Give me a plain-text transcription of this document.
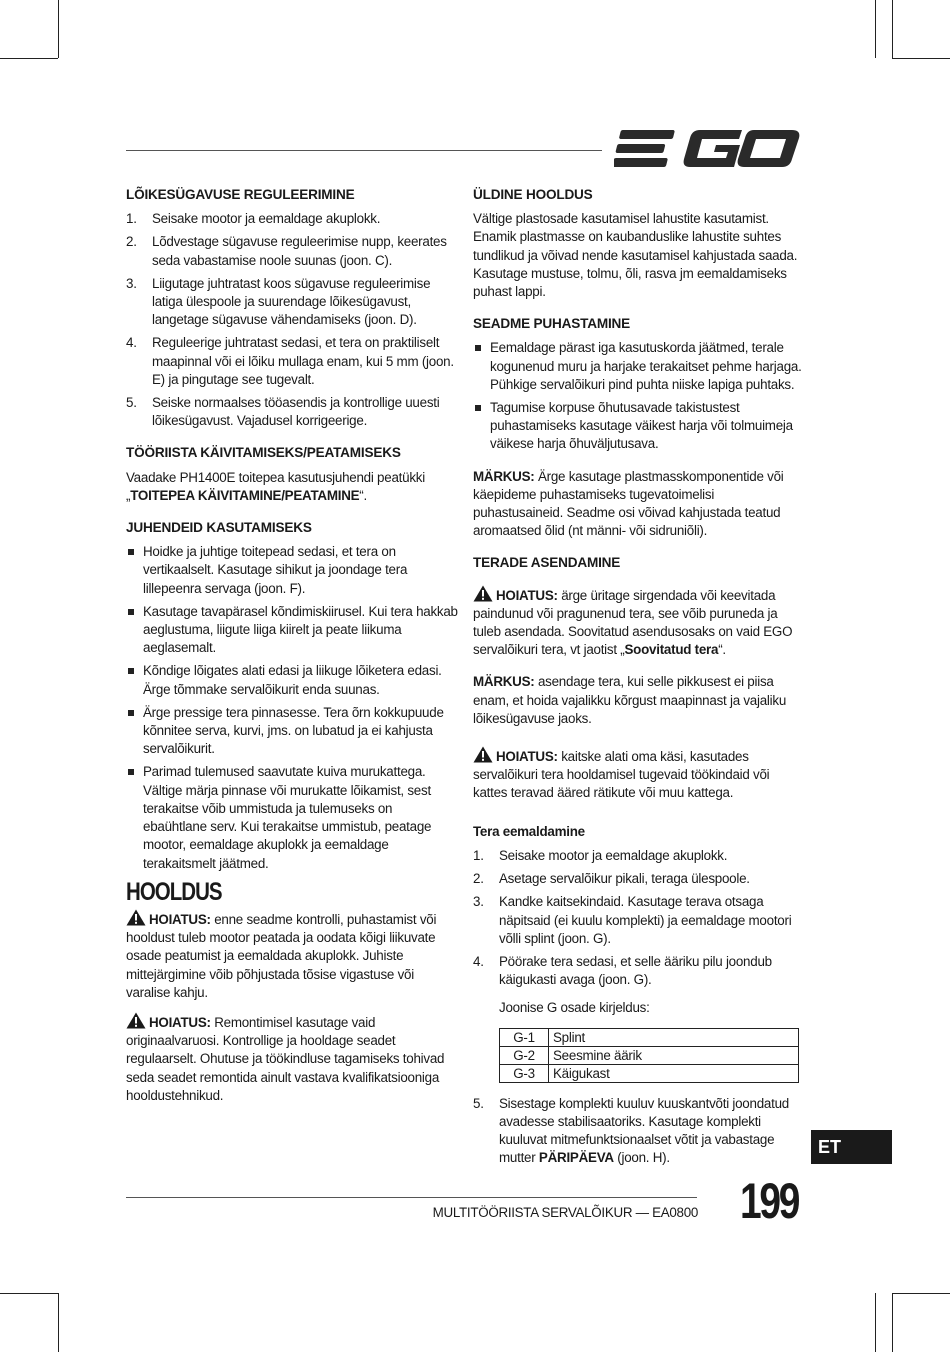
LÕIKESÜGAVUSE REGULEERIMINE
1. Seisake mootor ja eemaldage akuplokk.
2. Lõdvestage sügavuse reguleerimise nupp, keerates seda vabastamise noole suunas (joon. C).
3. Liigutage juhtratast koos sügavuse reguleerimise latiga ülespoole ja suurendage lõikesügavust, langetage sügavuse vähendamiseks (joon. D).
4. Reguleerige juhtratast sedasi, et tera on praktiliselt maapinnal või ei lõiku mullaga enam, kui 5 mm (joon. E) ja pingutage see tugevalt.
5. Seiske normaalses tööasendis ja kontrollige uuesti lõikesügavust. Vajadusel korrigeerige.
TÖÖRIISTA KÄIVITAMISEKS/PEATAMISEKS

Vaadake PH1400E toitepea kasutusjuhendi peatükki „TOITEPEA KÄIVITAMINE/PEATAMINE“.

JUHENDEID KASUTAMISEKS
Hoidke ja juhtige toitepead sedasi, et tera on vertikaalselt. Kasutage sihikut ja joondage tera lillepeenra servaga (joon. F).
Kasutage tavapärasel kõndimiskiirusel. Kui tera hakkab aeglustuma, liigute liiga kiirelt ja peate liikuma aeglasemalt.
Kõndige lõigates alati edasi ja liikuge lõiketera edasi. Ärge tõmmake servalõikurit enda suunas.
Ärge pressige tera pinnasesse. Tera õrn kokkupuude kõnnitee serva, kurvi, jms. on lubatud ja ei kahjusta servalõikurit.
Parimad tulemused saavutate kuiva murukattega. Vältige märja pinnase või murukatte lõikamist, sest terakaitse võib ummistuda ja tulemuseks on ebaühtlane serv. Kui terakaitse ummistub, peatage mootor, eemaldage akuplokk ja eemaldage terakaitsmelt jäätmed.
HOOLDUS

HOIATUS: enne seadme kontrolli, puhastamist või hooldust tuleb mootor peatada ja oodata kõigi liikuvate osade peatumist ja eemaldada akuplokk. Juhiste mittejärgimine võib põhjustada tõsise vigastuse või varalise kahju.

HOIATUS: Remontimisel kasutage vaid originaalvaruosi. Kontrollige ja hooldage seadet regulaarselt. Ohutuse ja töökindluse tagamiseks tohivad seda seadet remontida ainult vastava kvalifikatsiooniga hooldustehnikud.

ÜLDINE HOOLDUS

Vältige plastosade kasutamisel lahustite kasutamist. Enamik plastmasse on kaubanduslike lahustite suhtes tundlikud ja võivad nende kasutamisel kahjustada saada. Kasutage mustuse, tolmu, õli, rasva jm eemaldamiseks puhast lappi.

SEADME PUHASTAMINE
Eemaldage pärast iga kasutuskorda jäätmed, terale kogunenud muru ja harjake terakaitset pehme harjaga. Pühkige servalõikuri pind puhta niiske lapiga puhtaks.
Tagumise korpuse õhutusavade takistustest puhastamiseks kasutage väikest harja või tolmuimeja väikese harja õhuväljutusava.

MÄRKUS: Ärge kasutage plastmasskomponentide või käepideme puhastamiseks tugevatoimelisi puhastusaineid. Seadme osi võivad kahjustada teatud aromaatsed õlid (nt männi- või sidruniõli).

TERADE ASENDAMINE

HOIATUS: ärge üritage sirgendada või keevitada paindunud või pragunenud tera, see võib puruneda ja tuleb asendada. Soovitatud asendusosaks on vaid EGO servalõikuri tera, vt jaotist „Soovitatud tera“.

MÄRKUS: asendage tera, kui selle pikkusest ei piisa enam, et hoida vajalikku kõrgust maapinnast ja vajaliku lõikesügavuse jaoks.

HOIATUS: kaitske alati oma käsi, kasutades servalõikuri tera hooldamisel tugevaid töökindaid või kattes teravad ääred rätikute või muu kattega.

Tera eemaldamine
1. Seisake mootor ja eemaldage akuplokk.
2. Asetage servalõikur pikali, teraga ülespoole.
3. Kandke kaitsekindaid. Kasutage terava otsaga näpitsaid (ei kuulu komplekti) ja eemaldage mootori võlli splint (joon. G).
4. Pöörake tera sedasi, et selle ääriku pilu joondub käigukasti avaga (joon. G).

Joonise G osade kirjeldus:

G-1	Splint
G-2	Seesmine äärik
G-3	Käigukast
5. Sisestage komplekti kuuluv kuuskantvõti joondatud avadesse stabilisaatoriks. Kasutage komplekti kuuluvat mitmefunktsionaalset võtit ja vabastage mutter PÄRIPÄEVA (joon. H).
ET
MULTITÖÖRIISTA SERVALÕIKUR — EA0800 199
